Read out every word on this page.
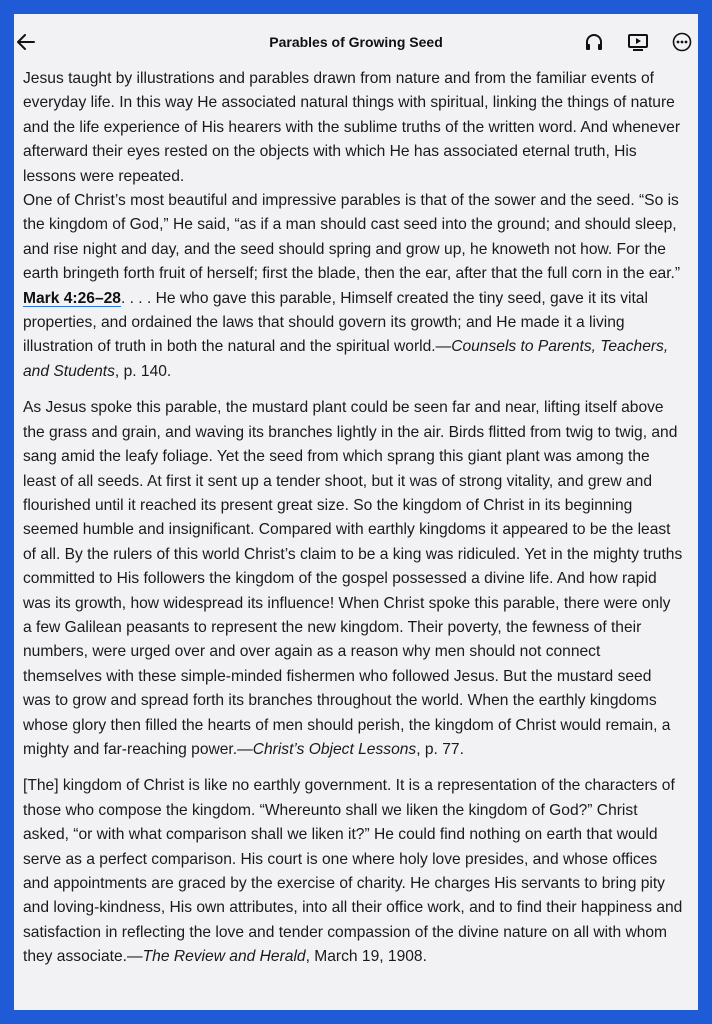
Parables of Growing Seed

Jesus taught by illustrations and parables drawn from nature and from the familiar events of everyday life. In this way He associated natural things with spiritual, linking the things of nature and the life experience of His hearers with the sublime truths of the written word. And whenever afterward their eyes rested on the objects with which He has associated eternal truth, His lessons were repeated.

One of Christ’s most beautiful and impressive parables is that of the sower and the seed. “So is the kingdom of God,” He said, “as if a man should cast seed into the ground; and should sleep, and rise night and day, and the seed should spring and grow up, he knoweth not how. For the earth bringeth forth fruit of herself; first the blade, then the ear, after that the full corn in the ear.” Mark 4:26–28. . . . He who gave this parable, Himself created the tiny seed, gave it its vital properties, and ordained the laws that should govern its growth; and He made it a living illustration of truth in both the natural and the spiritual world.—Counsels to Parents, Teachers, and Students, p. 140.

As Jesus spoke this parable, the mustard plant could be seen far and near, lifting itself above the grass and grain, and waving its branches lightly in the air. Birds flitted from twig to twig, and sang amid the leafy foliage. Yet the seed from which sprang this giant plant was among the least of all seeds. At first it sent up a tender shoot, but it was of strong vitality, and grew and flourished until it reached its present great size. So the kingdom of Christ in its beginning seemed humble and insignificant. Compared with earthly kingdoms it appeared to be the least of all. By the rulers of this world Christ’s claim to be a king was ridiculed. Yet in the mighty truths committed to His followers the kingdom of the gospel possessed a divine life. And how rapid was its growth, how widespread its influence! When Christ spoke this parable, there were only a few Galilean peasants to represent the new kingdom. Their poverty, the fewness of their numbers, were urged over and over again as a reason why men should not connect themselves with these simple-minded fishermen who followed Jesus. But the mustard seed was to grow and spread forth its branches throughout the world. When the earthly kingdoms whose glory then filled the hearts of men should perish, the kingdom of Christ would remain, a mighty and far-reaching power.—Christ’s Object Lessons, p. 77.

[The] kingdom of Christ is like no earthly government. It is a representation of the characters of those who compose the kingdom. “Whereunto shall we liken the kingdom of God?” Christ asked, “or with what comparison shall we liken it?” He could find nothing on earth that would serve as a perfect comparison. His court is one where holy love presides, and whose offices and appointments are graced by the exercise of charity. He charges His servants to bring pity and loving-kindness, His own attributes, into all their office work, and to find their happiness and satisfaction in reflecting the love and tender compassion of the divine nature on all with whom they associate.—The Review and Herald, March 19, 1908.
